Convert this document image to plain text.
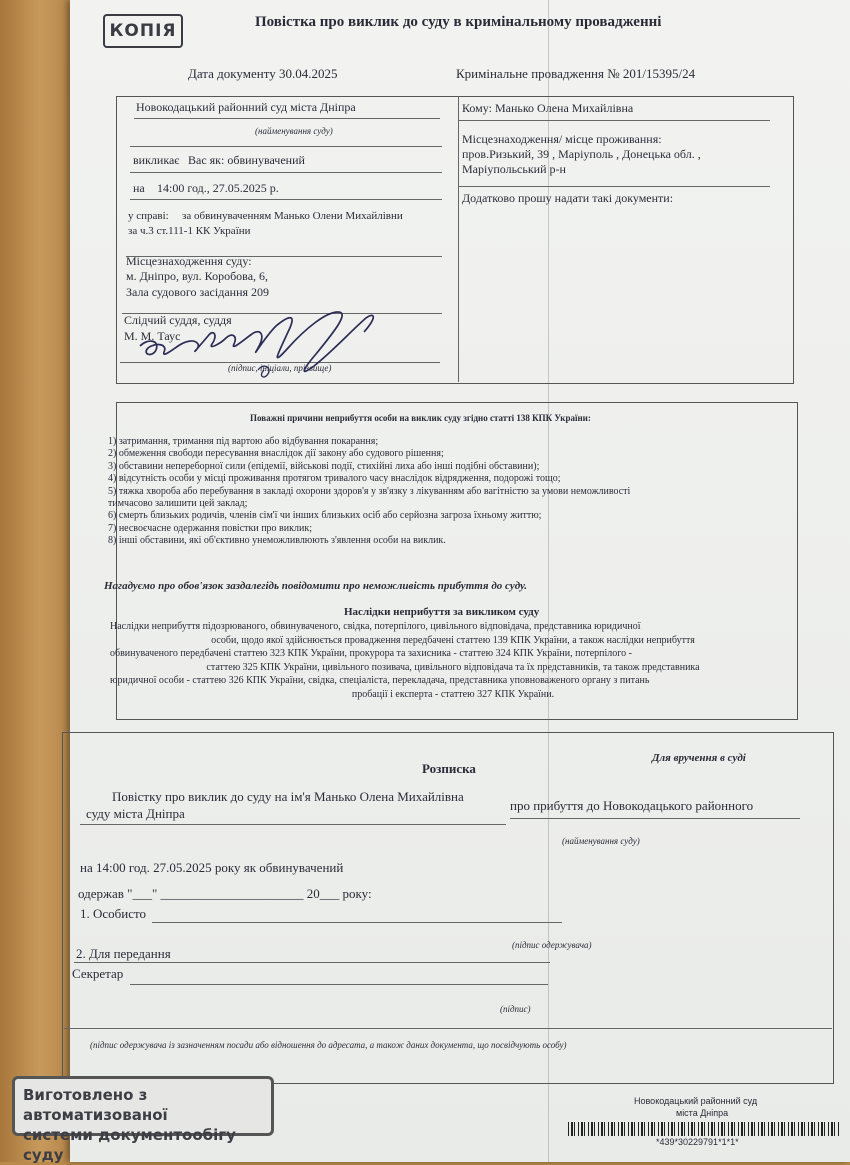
КОПІЯ	Повістка про виклик до суду в кримінальному провадженні
Дата документу 30.04.2025	Кримінальне провадження № 201/15395/24
Новокодацький районний суд міста Дніпра
(найменування суду)
викликає Вас як: обвинувачений
на 14:00 год., 27.05.2025 р.
у справі: за обвинуваченням Манько Олени Михайлівни
за ч.3 ст.111-1 КК України
Місцезнаходження суду:
м. Дніпро, вул. Коробова, 6,
Зала судового засідання 209
Слідчий суддя, суддя
М. М. Таус
(підпис, ініціали, прізвище)
Кому: Манько Олена Михайлівна
Місцезнаходження/ місце проживання:
пров.Ризький, 39 , Маріуполь , Донецька обл. ,
Маріупольський р-н
Додатково прошу надати такі документи:
Поважні причини неприбуття особи на виклик суду згідно статті 138 КПК України:
1) затримання, тримання під вартою або відбування покарання;
2) обмеження свободи пересування внаслідок дії закону або судового рішення;
3) обставини непереборної сили (епідемії, військові події, стихійні лиха або інші подібні обставини);
4) відсутність особи у місці проживання протягом тривалого часу внаслідок відрядження, подорожі тощо;
5) тяжка хвороба або перебування в закладі охорони здоров'я у зв'язку з лікуванням або вагітністю за умови неможливості
тимчасово залишити цей заклад;
6) смерть близьких родичів, членів сім'ї чи інших близьких осіб або серйозна загроза їхньому життю;
7) несвоєчасне одержання повістки про виклик;
8) інші обставини, які об'єктивно унеможливлюють з'явлення особи на виклик.
Нагадуємо про обов'язок заздалегідь повідомити про неможливість прибуття до суду.
Наслідки неприбуття за викликом суду
Наслідки неприбуття підозрюваного, обвинуваченого, свідка, потерпілого, цивільного відповідача, представника юридичної
особи, щодо якої здійснюється провадження передбачені статтею 139 КПК України, а також наслідки неприбуття
обвинуваченого передбачені статтею 323 КПК України, прокурора та захисника - статтею 324 КПК України, потерпілого -
статтею 325 КПК України, цивільного позивача, цивільного відповідача та їх представників, та також представника
юридичної особи - статтею 326 КПК України, свідка, спеціаліста, перекладача, представника уповноваженого органу з питань
пробації і експерта - статтею 327 КПК України.
Для вручення в суді
Розписка
Повістку про виклик до суду на ім'я Манько Олена Михайлівна
про прибуття до Новокодацького районного
суду міста Дніпра
(найменування суду)
на 14:00 год. 27.05.2025 року як обвинувачений
одержав "___" ______________________ 20___ року:
1. Особисто
(підпис одержувача)
2. Для передання
Секретар
(підпис)
(підпис одержувача із зазначенням посади або відношення до адресата, а також даних документа, що посвідчують особу)
Виготовлено з автоматизованої
системи документообігу суду
Новокодацький районний суд
міста Дніпра
*439*30229791*1*1*
